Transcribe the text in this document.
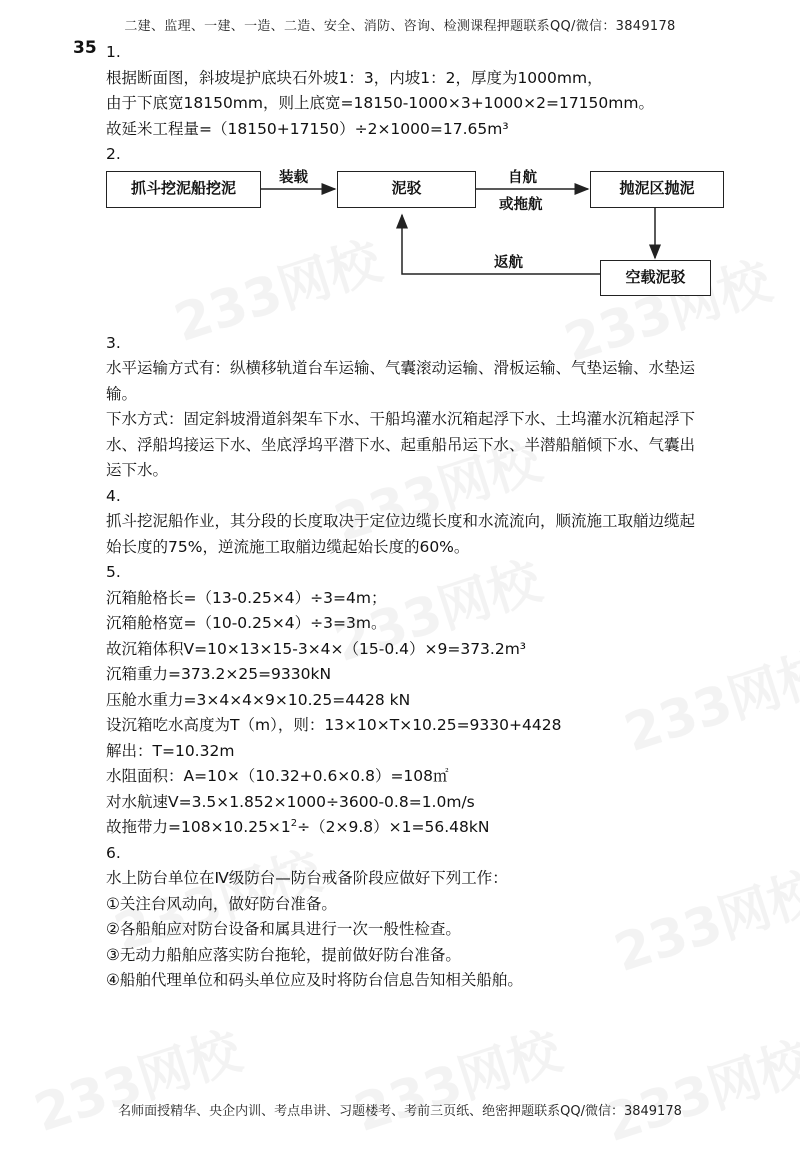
二建、监理、一建、一造、二造、安全、消防、咨询、检测课程押题联系QQ/微信：3849178
35 1.

根据断面图，斜坡堤护底块石外坡1：3，内坡1：2，厚度为1000mm，

由于下底宽18150mm，则上底宽=18150-1000×3+1000×2=17150mm。

故延米工程量=（18150+17150）÷2×1000=17.65m³

2.

抓斗挖泥船挖泥	泥驳	抛泥区抛泥
空载泥驳
装载	自航
或拖航
返航

3.

水平运输方式有：纵横移轨道台车运输、气囊滚动运输、滑板运输、气垫运输、水垫运

输。

下水方式：固定斜坡滑道斜架车下水、干船坞灌水沉箱起浮下水、土坞灌水沉箱起浮下

水、浮船坞接运下水、坐底浮坞平潜下水、起重船吊运下水、半潜船艏倾下水、气囊出

运下水。

4.

抓斗挖泥船作业，其分段的长度取决于定位边缆长度和水流流向，顺流施工取艏边缆起

始长度的75%，逆流施工取艏边缆起始长度的60%。

5.

沉箱舱格长=（13-0.25×4）÷3=4m；

沉箱舱格宽=（10-0.25×4）÷3=3m。

故沉箱体积V=10×13×15-3×4×（15-0.4）×9=373.2m³

沉箱重力=373.2×25=9330kN

压舱水重力=3×4×4×9×10.25=4428 kN

设沉箱吃水高度为T（m），则：13×10×T×10.25=9330+4428

解出：T=10.32m

水阻面积：A=10×（10.32+0.6×0.8）=108㎡

对水航速V=3.5×1.852×1000÷3600-0.8=1.0m/s

故拖带力$=108\times 10.25\times 1^2\div(2\times 9.8)\times 1=56.48kN$

6.

水上防台单位在Ⅳ级防台—防台戒备阶段应做好下列工作：

①关注台风动向，做好防台准备。

②各船舶应对防台设备和属具进行一次一般性检查。

③无动力船舶应落实防台拖轮，提前做好防台准备。

④船舶代理单位和码头单位应及时将防台信息告知相关船舶。

名师面授精华、央企内训、考点串讲、习题楼考、考前三页纸、绝密押题联系QQ/微信：3849178
